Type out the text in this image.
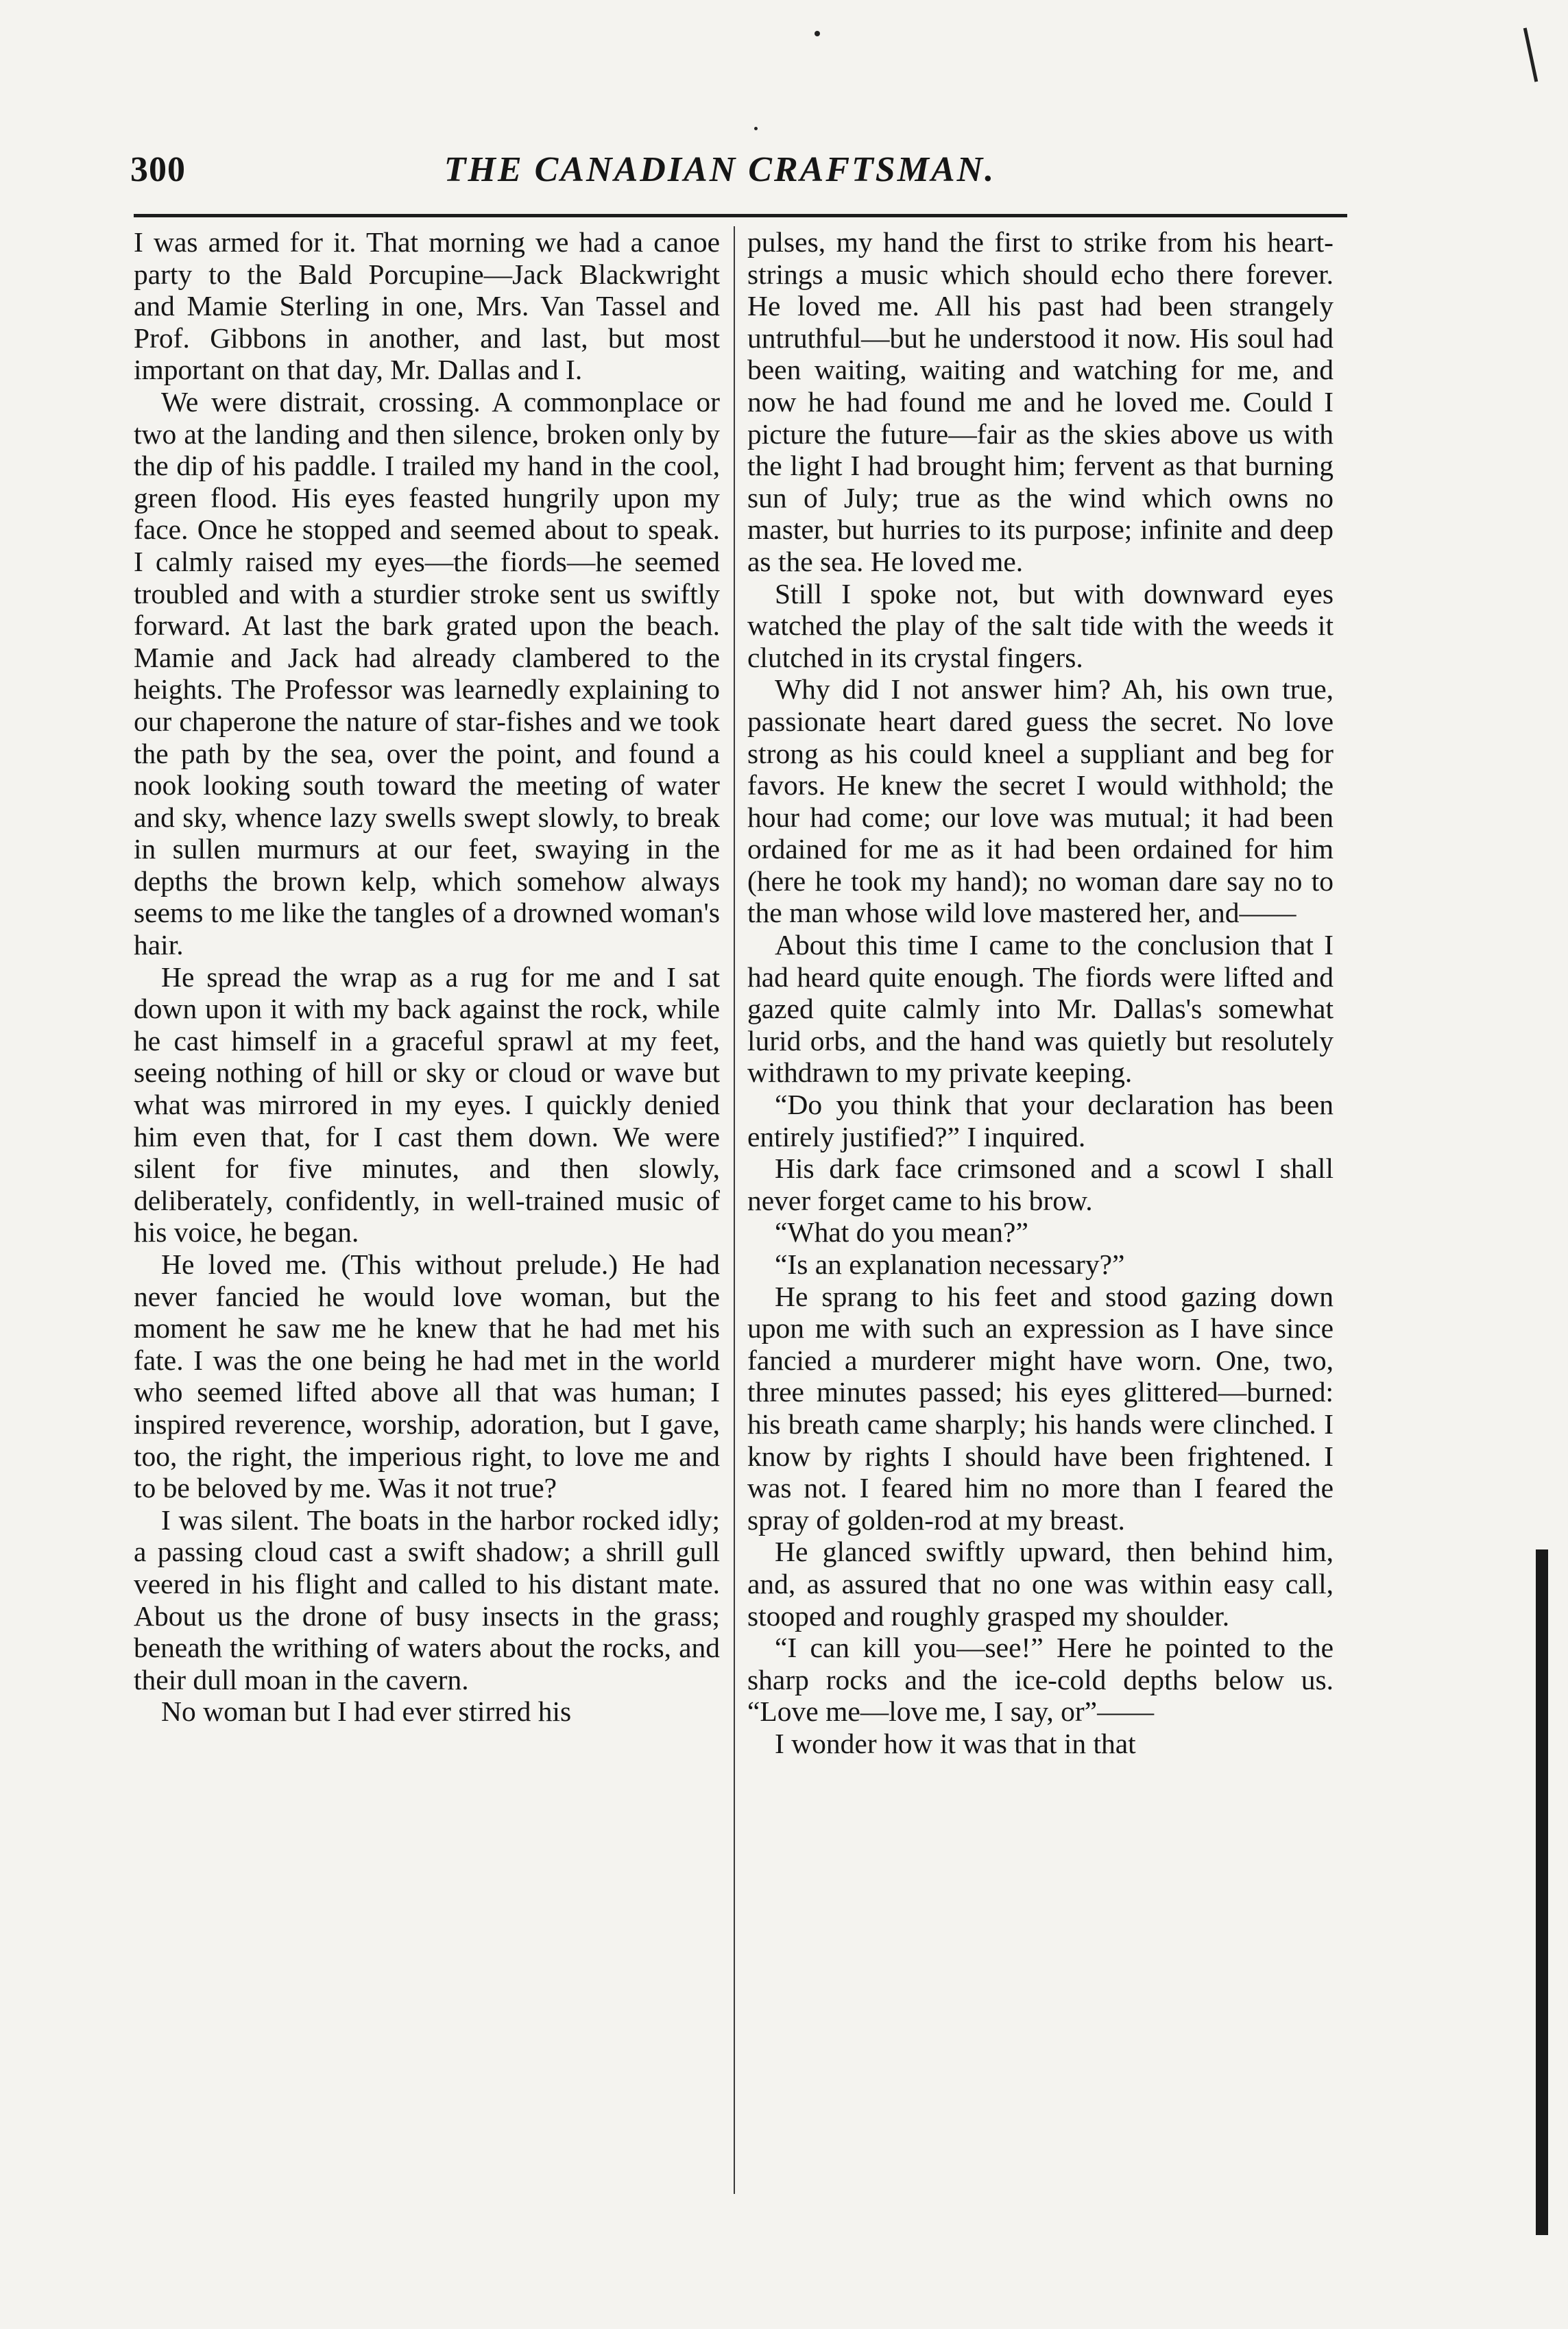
300	THE CANADIAN CRAFTSMAN.

I was armed for it. That morning we had a canoe party to the Bald Porcupine—Jack Blackwright and Mamie Sterling in one, Mrs. Van Tassel and Prof. Gibbons in another, and last, but most important on that day, Mr. Dallas and I.

We were distrait, crossing. A commonplace or two at the landing and then silence, broken only by the dip of his paddle. I trailed my hand in the cool, green flood. His eyes feasted hungrily upon my face. Once he stopped and seemed about to speak. I calmly raised my eyes—the fiords—he seemed troubled and with a sturdier stroke sent us swiftly forward. At last the bark grated upon the beach. Mamie and Jack had already clambered to the heights. The Professor was learnedly explaining to our chaperone the nature of star-fishes and we took the path by the sea, over the point, and found a nook looking south toward the meeting of water and sky, whence lazy swells swept slowly, to break in sullen murmurs at our feet, swaying in the depths the brown kelp, which somehow always seems to me like the tangles of a drowned woman's hair.

He spread the wrap as a rug for me and I sat down upon it with my back against the rock, while he cast himself in a graceful sprawl at my feet, seeing nothing of hill or sky or cloud or wave but what was mirrored in my eyes. I quickly denied him even that, for I cast them down. We were silent for five minutes, and then slowly, deliberately, confidently, in well-trained music of his voice, he began.

He loved me. (This without prelude.) He had never fancied he would love woman, but the moment he saw me he knew that he had met his fate. I was the one being he had met in the world who seemed lifted above all that was human; I inspired reverence, worship, adoration, but I gave, too, the right, the imperious right, to love me and to be beloved by me. Was it not true?

I was silent. The boats in the harbor rocked idly; a passing cloud cast a swift shadow; a shrill gull veered in his flight and called to his distant mate. About us the drone of busy insects in the grass; beneath the writhing of waters about the rocks, and their dull moan in the cavern.

No woman but I had ever stirred his

pulses, my hand the first to strike from his heart-strings a music which should echo there forever. He loved me. All his past had been strangely untruthful—but he understood it now. His soul had been waiting, waiting and watching for me, and now he had found me and he loved me. Could I picture the future—fair as the skies above us with the light I had brought him; fervent as that burning sun of July; true as the wind which owns no master, but hurries to its purpose; infinite and deep as the sea. He loved me.

Still I spoke not, but with downward eyes watched the play of the salt tide with the weeds it clutched in its crystal fingers.

Why did I not answer him? Ah, his own true, passionate heart dared guess the secret. No love strong as his could kneel a suppliant and beg for favors. He knew the secret I would withhold; the hour had come; our love was mutual; it had been ordained for me as it had been ordained for him (here he took my hand); no woman dare say no to the man whose wild love mastered her, and——

About this time I came to the conclusion that I had heard quite enough. The fiords were lifted and gazed quite calmly into Mr. Dallas's somewhat lurid orbs, and the hand was quietly but resolutely withdrawn to my private keeping.

“Do you think that your declaration has been entirely justified?” I inquired.

His dark face crimsoned and a scowl I shall never forget came to his brow.

“What do you mean?”

“Is an explanation necessary?”

He sprang to his feet and stood gazing down upon me with such an expression as I have since fancied a murderer might have worn. One, two, three minutes passed; his eyes glittered—burned: his breath came sharply; his hands were clinched. I know by rights I should have been frightened. I was not. I feared him no more than I feared the spray of golden-rod at my breast.

He glanced swiftly upward, then behind him, and, as assured that no one was within easy call, stooped and roughly grasped my shoulder.

“I can kill you—see!” Here he pointed to the sharp rocks and the ice-cold depths below us. “Love me—love me, I say, or”——

I wonder how it was that in that
